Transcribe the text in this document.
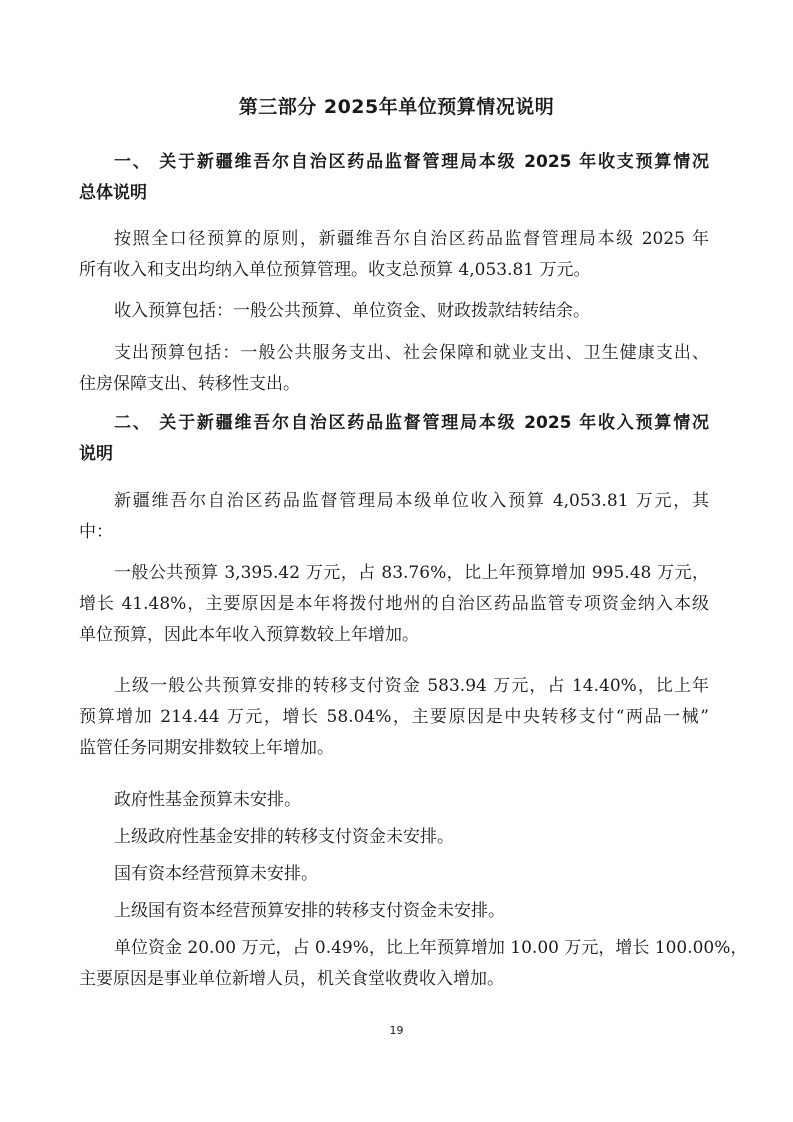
第三部分 2025年单位预算情况说明
一、 关于新疆维吾尔自治区药品监督管理局本级 2025 年收支预算情况
总体说明
按照全口径预算的原则，新疆维吾尔自治区药品监督管理局本级 2025 年
所有收入和支出均纳入单位预算管理。收支总预算 4,053.81 万元。
收入预算包括：一般公共预算、单位资金、财政拨款结转结余。
支出预算包括：一般公共服务支出、社会保障和就业支出、卫生健康支出、
住房保障支出、转移性支出。
二、 关于新疆维吾尔自治区药品监督管理局本级 2025 年收入预算情况
说明
新疆维吾尔自治区药品监督管理局本级单位收入预算 4,053.81 万元，其
中：
一般公共预算 3,395.42 万元，占 83.76%，比上年预算增加 995.48 万元，
增长 41.48%，主要原因是本年将拨付地州的自治区药品监管专项资金纳入本级
单位预算，因此本年收入预算数较上年增加。
上级一般公共预算安排的转移支付资金 583.94 万元，占 14.40%，比上年
预算增加 214.44 万元，增长 58.04%，主要原因是中央转移支付“两品一械”
监管任务同期安排数较上年增加。
政府性基金预算未安排。
上级政府性基金安排的转移支付资金未安排。
国有资本经营预算未安排。
上级国有资本经营预算安排的转移支付资金未安排。
单位资金 20.00 万元，占 0.49%，比上年预算增加 10.00 万元，增长 100.00%，
主要原因是事业单位新增人员，机关食堂收费收入增加。
19
